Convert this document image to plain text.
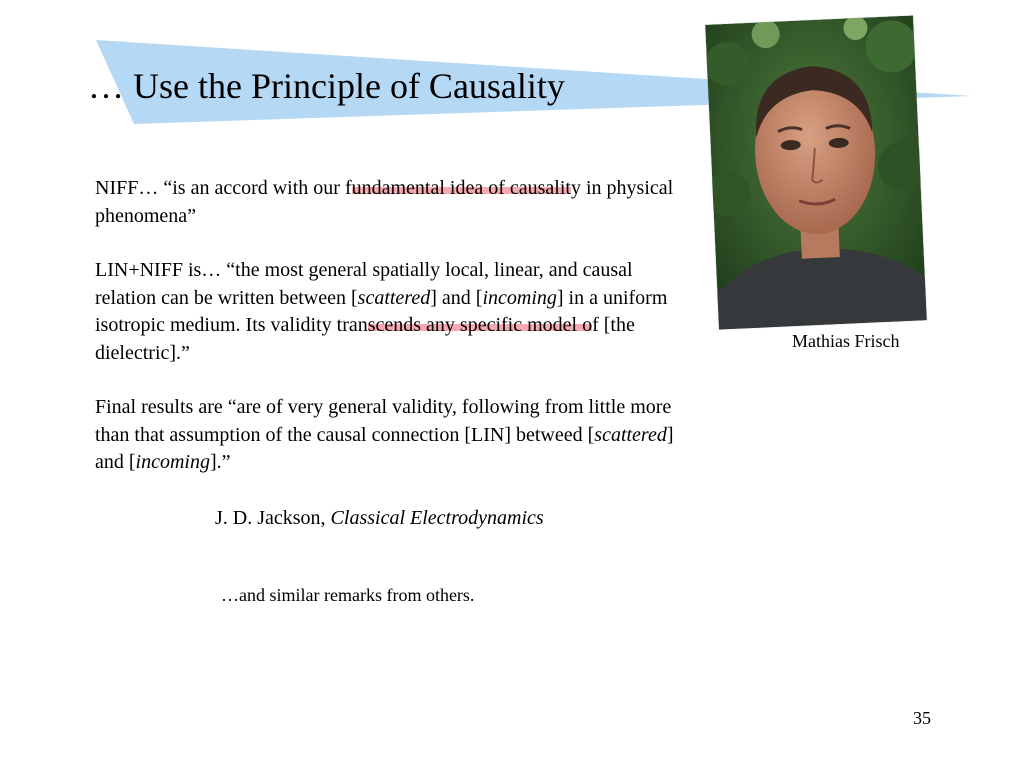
… Use the Principle of Causality
NIFF… “is an accord with our fundamental idea of causality in physical phenomena”
LIN+NIFF is… “the most general spatially local, linear, and causal relation can be written between [scattered] and [incoming] in a uniform isotropic medium. Its validity transcends any specific model of [the dielectric].”
Final results are “are of very general validity, following from little more than that assumption of the causal connection [LIN] betweed [scattered] and [incoming].”
J. D. Jackson, Classical Electrodynamics
…and similar remarks from others.
Mathias Frisch
35
